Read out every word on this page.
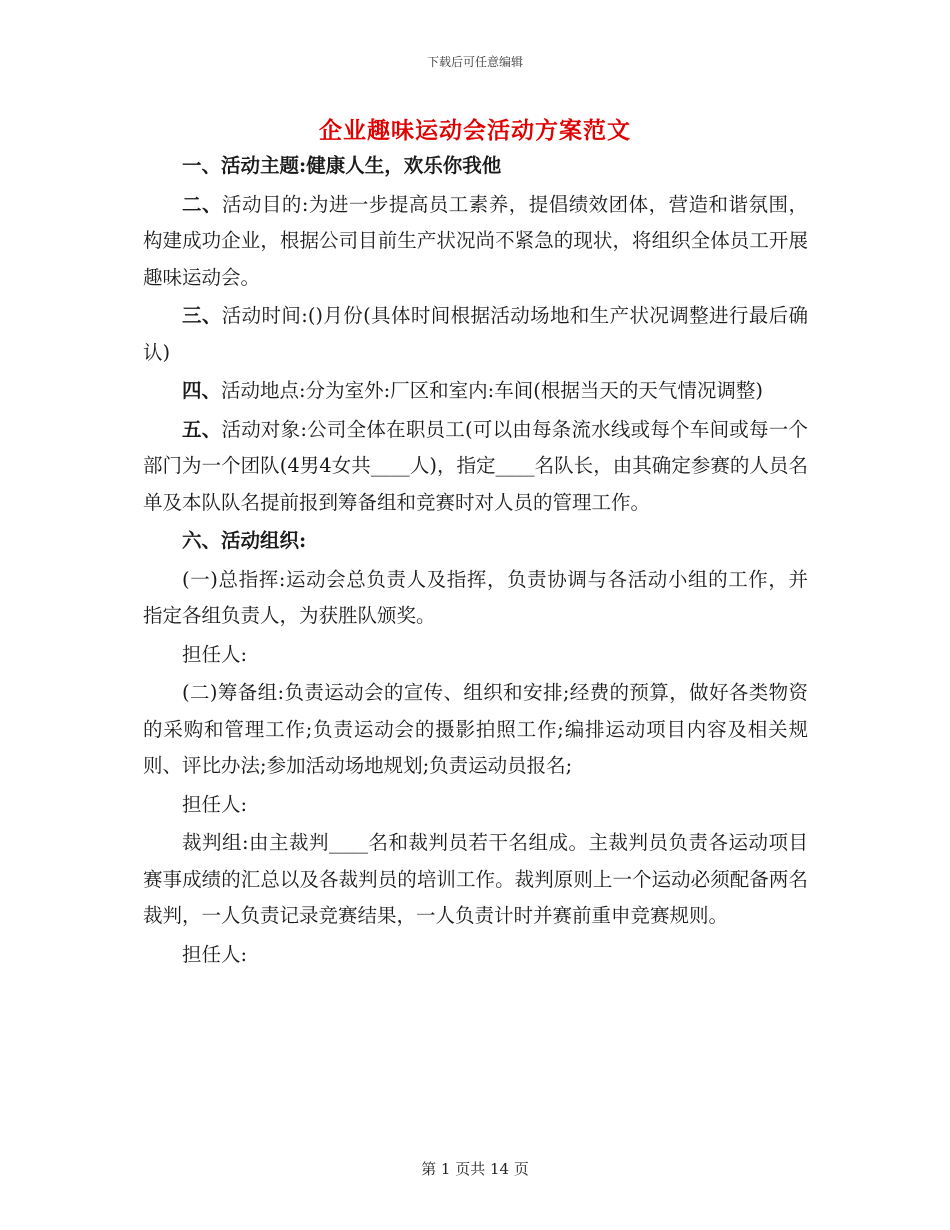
下载后可任意编辑
企业趣味运动会活动方案范文

一、活动主题:健康人生，欢乐你我他

二、活动目的:为进一步提高员工素养，提倡绩效团体，营造和谐氛围，构建成功企业，根据公司目前生产状况尚不紧急的现状，将组织全体员工开展趣味运动会。

三、活动时间:()月份(具体时间根据活动场地和生产状况调整进行最后确认)

四、活动地点:分为室外:厂区和室内:车间(根据当天的天气情况调整)

五、活动对象:公司全体在职员工(可以由每条流水线或每个车间或每一个部门为一个团队(4男4女共____人)，指定____名队长，由其确定参赛的人员名单及本队队名提前报到筹备组和竞赛时对人员的管理工作。

六、活动组织:

(一)总指挥:运动会总负责人及指挥，负责协调与各活动小组的工作，并指定各组负责人，为获胜队颁奖。

担任人:

(二)筹备组:负责运动会的宣传、组织和安排;经费的预算，做好各类物资的采购和管理工作;负责运动会的摄影拍照工作;编排运动项目内容及相关规则、评比办法;参加活动场地规划;负责运动员报名;

担任人:

裁判组:由主裁判____名和裁判员若干名组成。主裁判员负责各运动项目赛事成绩的汇总以及各裁判员的培训工作。裁判原则上一个运动必须配备两名裁判，一人负责记录竞赛结果，一人负责计时并赛前重申竞赛规则。

担任人:

第 1 页共 14 页
